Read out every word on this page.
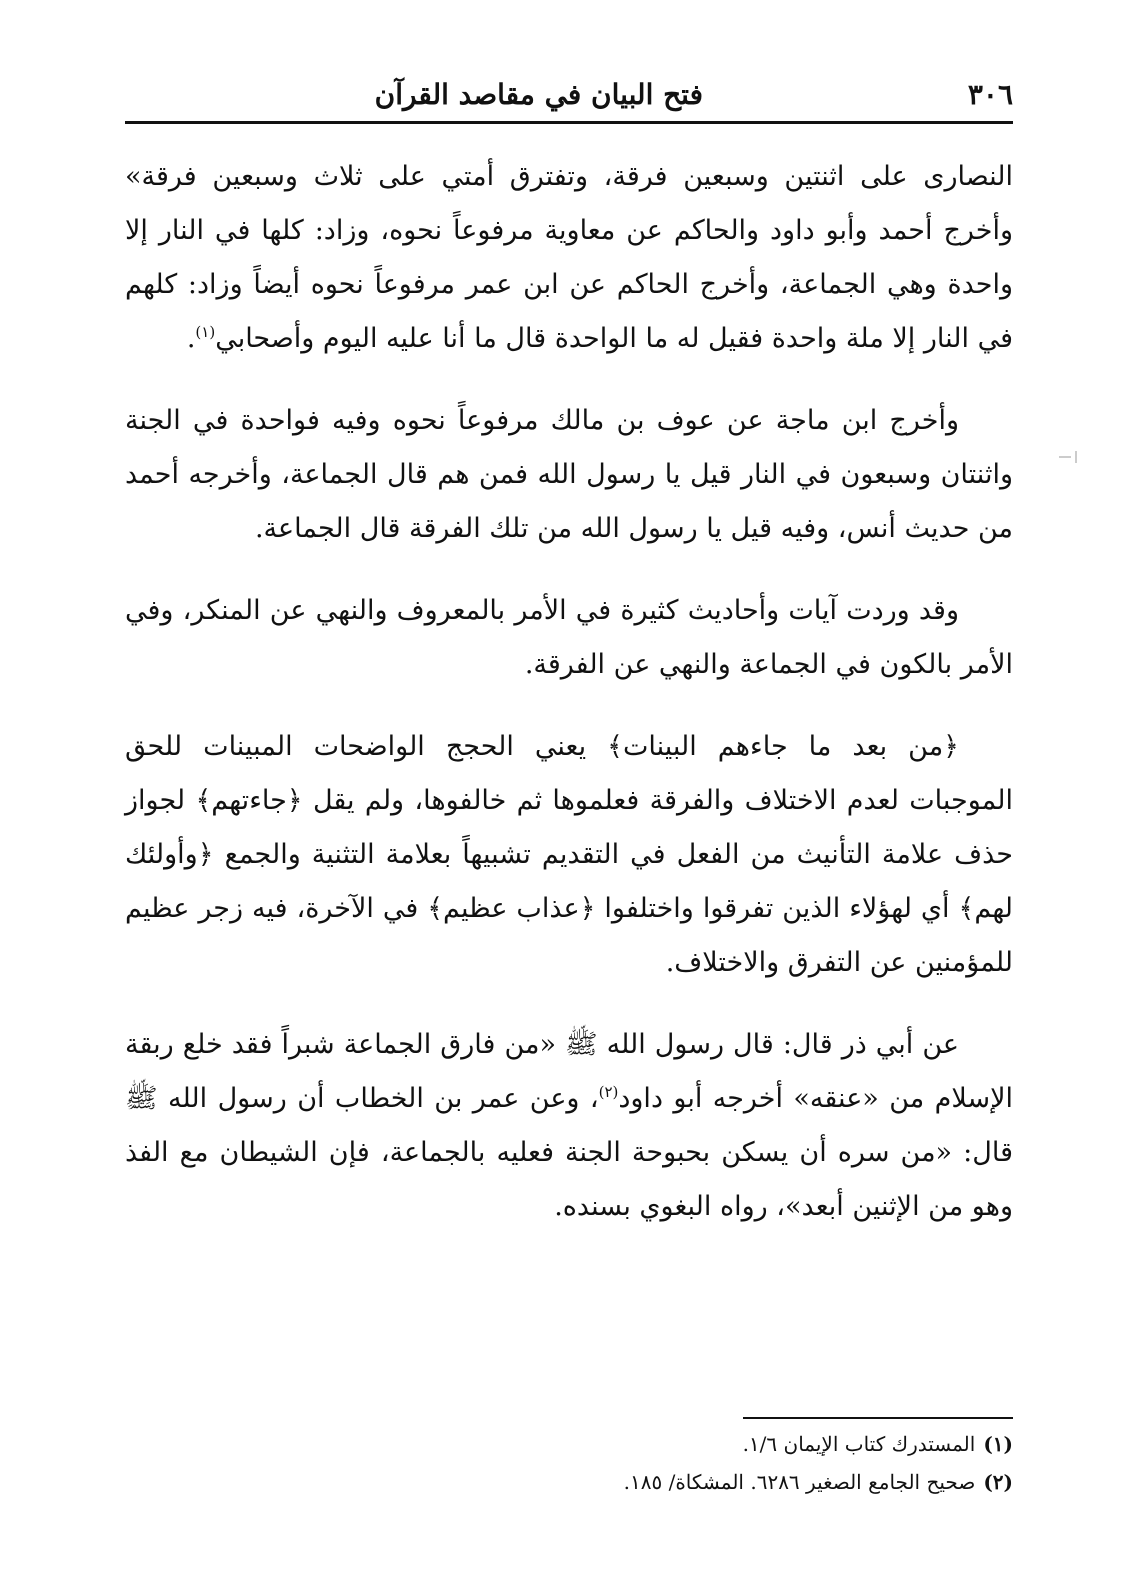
٣٠٦
فتح البيان في مقاصد القرآن

النصارى على اثنتين وسبعين فرقة، وتفترق أمتي على ثلاث وسبعين فرقة» وأخرج أحمد وأبو داود والحاكم عن معاوية مرفوعاً نحوه، وزاد: كلها في النار إلا واحدة وهي الجماعة، وأخرج الحاكم عن ابن عمر مرفوعاً نحوه أيضاً وزاد: كلهم في النار إلا ملة واحدة فقيل له ما الواحدة قال ما أنا عليه اليوم وأصحابي$^{(١)}$.

وأخرج ابن ماجة عن عوف بن مالك مرفوعاً نحوه وفيه فواحدة في الجنة واثنتان وسبعون في النار قيل يا رسول الله فمن هم قال الجماعة، وأخرجه أحمد من حديث أنس، وفيه قيل يا رسول الله من تلك الفرقة قال الجماعة.

وقد وردت آيات وأحاديث كثيرة في الأمر بالمعروف والنهي عن المنكر، وفي الأمر بالكون في الجماعة والنهي عن الفرقة.

﴿من بعد ما جاءهم البينات﴾ يعني الحجج الواضحات المبينات للحق الموجبات لعدم الاختلاف والفرقة فعلموها ثم خالفوها، ولم يقل ﴿جاءتهم﴾ لجواز حذف علامة التأنيث من الفعل في التقديم تشبيهاً بعلامة التثنية والجمع ﴿وأولئك لهم﴾ أي لهؤلاء الذين تفرقوا واختلفوا ﴿عذاب عظيم﴾ في الآخرة، فيه زجر عظيم للمؤمنين عن التفرق والاختلاف.

عن أبي ذر قال: قال رسول الله ﷺ «من فارق الجماعة شبراً فقد خلع ربقة الإسلام من «عنقه» أخرجه أبو داود$^{(٢)}$، وعن عمر بن الخطاب أن رسول الله ﷺ قال: «من سره أن يسكن بحبوحة الجنة فعليه بالجماعة، فإن الشيطان مع الفذ وهو من الإثنين أبعد»، رواه البغوي بسنده.

(١)المستدرك كتاب الإيمان ١/٦.

(٢)صحيح الجامع الصغير ٦٢٨٦. المشكاة/ ١٨٥.
